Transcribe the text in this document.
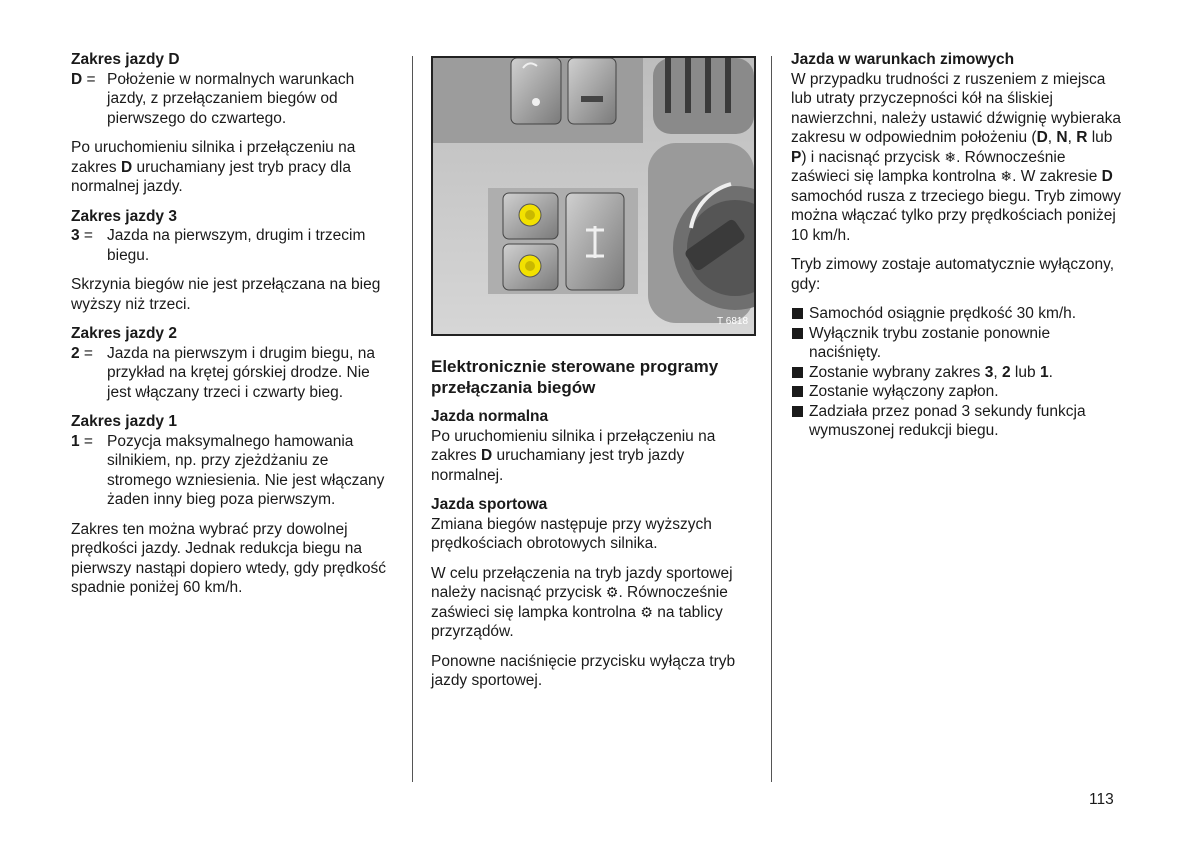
Zakres jazdy D
D = Położenie w normalnych warunkach jazdy, z przełączaniem biegów od pierwszego do czwartego.
Po uruchomieniu silnika i przełączeniu na zakres D uruchamiany jest tryb pracy dla normalnej jazdy.
Zakres jazdy 3
3 = Jazda na pierwszym, drugim i trzecim biegu.
Skrzynia biegów nie jest przełączana na bieg wyższy niż trzeci.
Zakres jazdy 2
2 = Jazda na pierwszym i drugim biegu, na przykład na krętej górskiej drodze. Nie jest włączany trzeci i czwarty bieg.
Zakres jazdy 1
1 = Pozycja maksymalnego hamowania silnikiem, np. przy zjeżdżaniu ze stromego wzniesienia. Nie jest włączany żaden inny bieg poza pierwszym.
Zakres ten można wybrać przy dowolnej prędkości jazdy. Jednak redukcja biegu na pierwszy nastąpi dopiero wtedy, gdy prędkość spadnie poniżej 60 km/h.
T 6818
Elektronicznie sterowane programy przełączania biegów
Jazda normalna
Po uruchomieniu silnika i przełączeniu na zakres D uruchamiany jest tryb jazdy normalnej.
Jazda sportowa
Zmiana biegów następuje przy wyższych prędkościach obrotowych silnika.
W celu przełączenia na tryb jazdy sportowej należy nacisnąć przycisk ⚙. Równocześnie zaświeci się lampka kontrolna ⚙ na tablicy przyrządów.
Ponowne naciśnięcie przycisku wyłącza tryb jazdy sportowej.
Jazda w warunkach zimowych
W przypadku trudności z ruszeniem z miejsca lub utraty przyczepności kół na śliskiej nawierzchni, należy ustawić dźwignię wybieraka zakresu w odpowiednim położeniu (D, N, R lub P) i nacisnąć przycisk ❄. Równocześnie zaświeci się lampka kontrolna ❄. W zakresie D samochód rusza z trzeciego biegu. Tryb zimowy można włączać tylko przy prędkościach poniżej 10 km/h.
Tryb zimowy zostaje automatycznie wyłączony, gdy:
Samochód osiągnie prędkość 30 km/h.
Wyłącznik trybu zostanie ponownie naciśnięty.
Zostanie wybrany zakres 3, 2 lub 1.
Zostanie wyłączony zapłon.
Zadziała przez ponad 3 sekundy funkcja wymuszonej redukcji biegu.
113
